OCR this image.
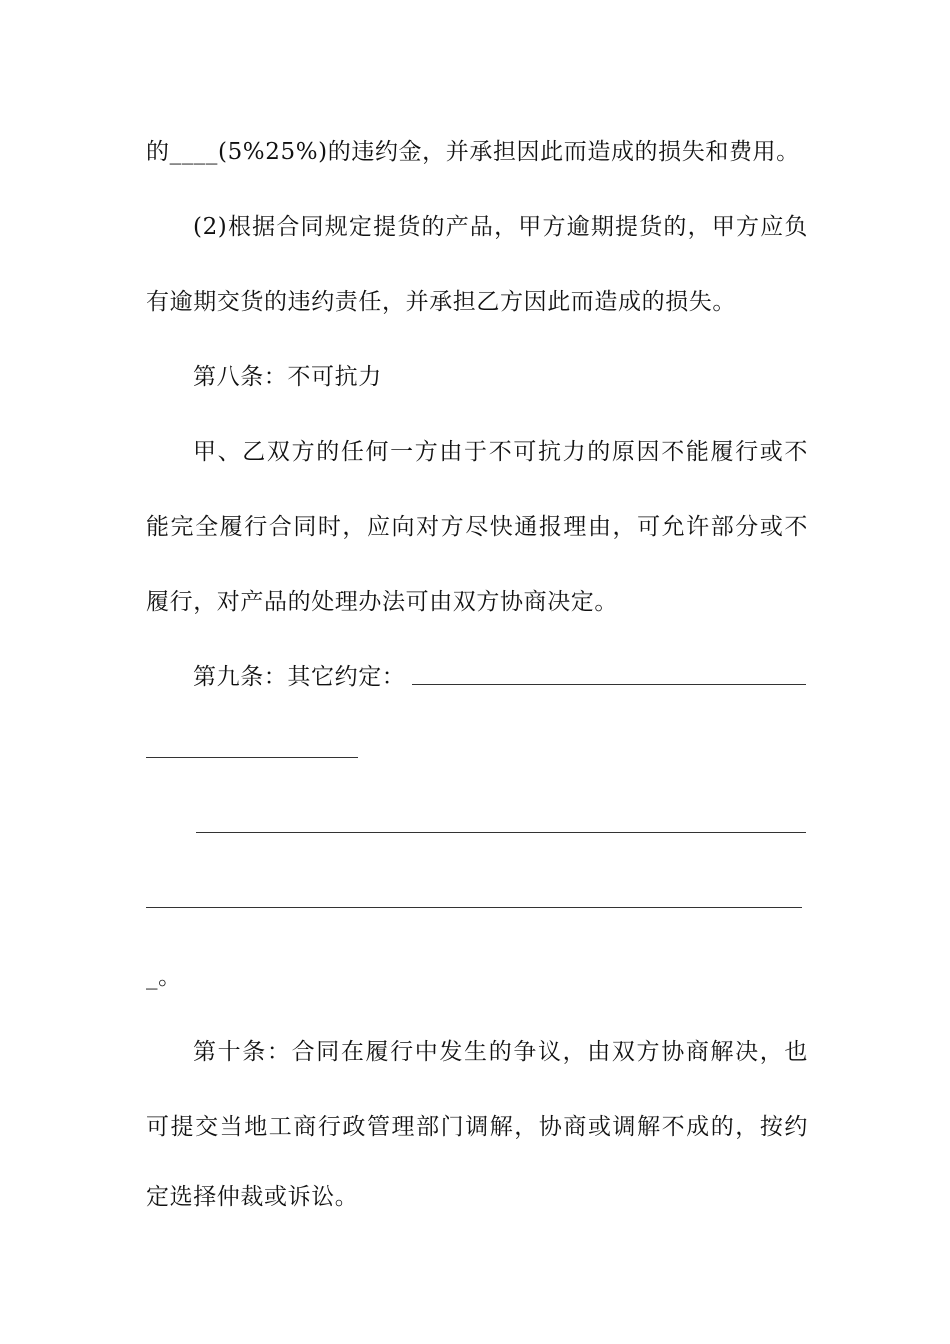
的____(5%25%)的违约金，并承担因此而造成的损失和费用。
(2)根据合同规定提货的产品，甲方逾期提货的，甲方应负
有逾期交货的违约责任，并承担乙方因此而造成的损失。
第八条：不可抗力
甲、乙双方的任何一方由于不可抗力的原因不能履行或不
能完全履行合同时，应向对方尽快通报理由，可允许部分或不
履行，对产品的处理办法可由双方协商决定。
第九条：其它约定：
_。
第十条：合同在履行中发生的争议，由双方协商解决，也
可提交当地工商行政管理部门调解，协商或调解不成的，按约
定选择仲裁或诉讼。
